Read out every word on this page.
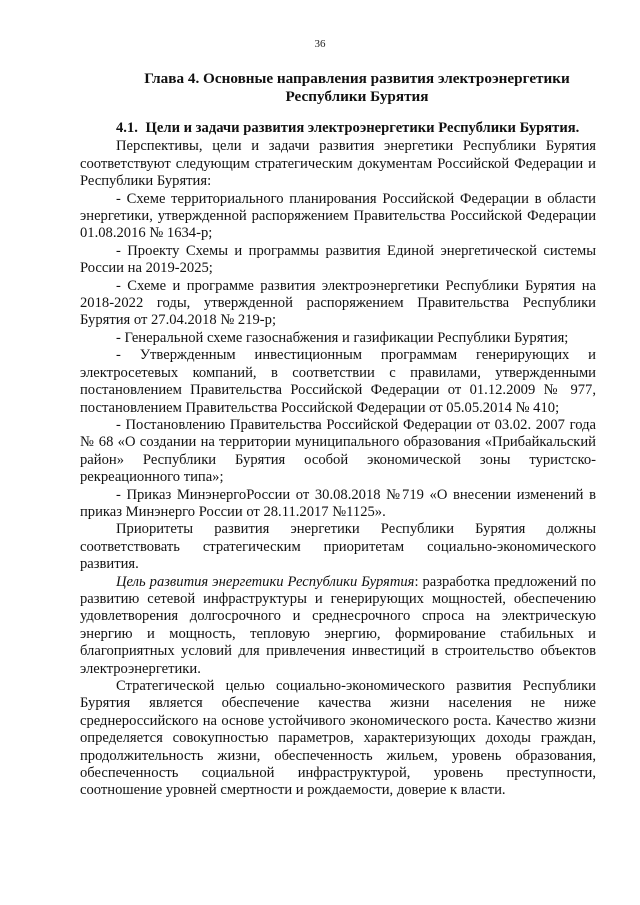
36
Глава 4. Основные направления развития электроэнергетики Республики Бурятия
4.1. Цели и задачи развития электроэнергетики Республики Бурятия.

Перспективы, цели и задачи развития энергетики Республики Бурятия соответствуют следующим стратегическим документам Российской Федерации и Республики Бурятия:

- Схеме территориального планирования Российской Федерации в области энергетики, утвержденной распоряжением Правительства Российской Федерации 01.08.2016 № 1634-р;

- Проекту Схемы и программы развития Единой энергетической системы России на 2019-2025;

- Схеме и программе развития электроэнергетики Республики Бурятия на 2018-2022 годы, утвержденной распоряжением Правительства Республики Бурятия от 27.04.2018 № 219-р;

- Генеральной схеме газоснабжения и газификации Республики Бурятия;

- Утвержденным инвестиционным программам генерирующих и электросетевых компаний, в соответствии с правилами, утвержденными постановлением Правительства Российской Федерации от 01.12.2009 № 977, постановлением Правительства Российской Федерации от 05.05.2014 № 410;

- Постановлению Правительства Российской Федерации от 03.02. 2007 года № 68 «О создании на территории муниципального образования «Прибайкальский район» Республики Бурятия особой экономической зоны туристско-рекреационного типа»;

- Приказ МинэнергоРоссии от 30.08.2018 №719 «О внесении изменений в приказ Минэнерго России от 28.11.2017 №1125».

Приоритеты развития энергетики Республики Бурятия должны соответствовать стратегическим приоритетам социально-экономического развития.

Цель развития энергетики Республики Бурятия: разработка предложений по развитию сетевой инфраструктуры и генерирующих мощностей, обеспечению удовлетворения долгосрочного и среднесрочного спроса на электрическую энергию и мощность, тепловую энергию, формирование стабильных и благоприятных условий для привлечения инвестиций в строительство объектов электроэнергетики.

Стратегической целью социально-экономического развития Республики Бурятия является обеспечение качества жизни населения не ниже среднероссийского на основе устойчивого экономического роста. Качество жизни определяется совокупностью параметров, характеризующих доходы граждан, продолжительность жизни, обеспеченность жильем, уровень образования, обеспеченность социальной инфраструктурой, уровень преступности, соотношение уровней смертности и рождаемости, доверие к власти.
